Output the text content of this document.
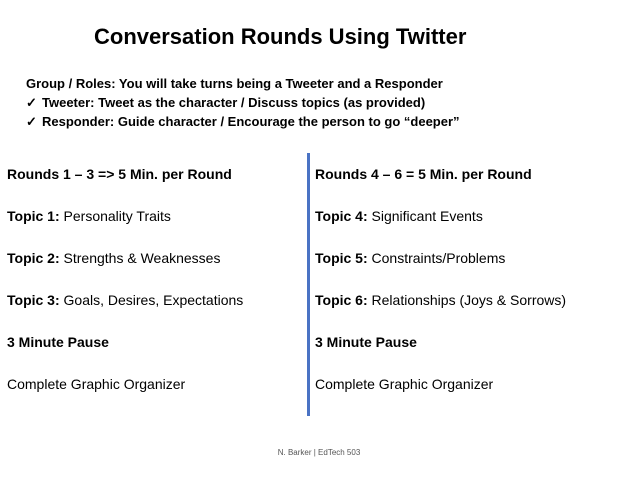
Conversation Rounds Using Twitter
Group / Roles: You will take turns being a Tweeter and a Responder
✓ Tweeter: Tweet as the character / Discuss topics (as provided)
✓ Responder: Guide character / Encourage the person to go “deeper”
Rounds 1 – 3 => 5 Min. per Round
Topic 1: Personality Traits
Topic 2: Strengths & Weaknesses
Topic 3: Goals, Desires, Expectations
3 Minute Pause
Complete Graphic Organizer
Rounds 4 – 6 = 5 Min. per Round
Topic 4: Significant Events
Topic 5: Constraints/Problems
Topic 6: Relationships (Joys & Sorrows)
3 Minute Pause
Complete Graphic Organizer
N. Barker | EdTech 503
